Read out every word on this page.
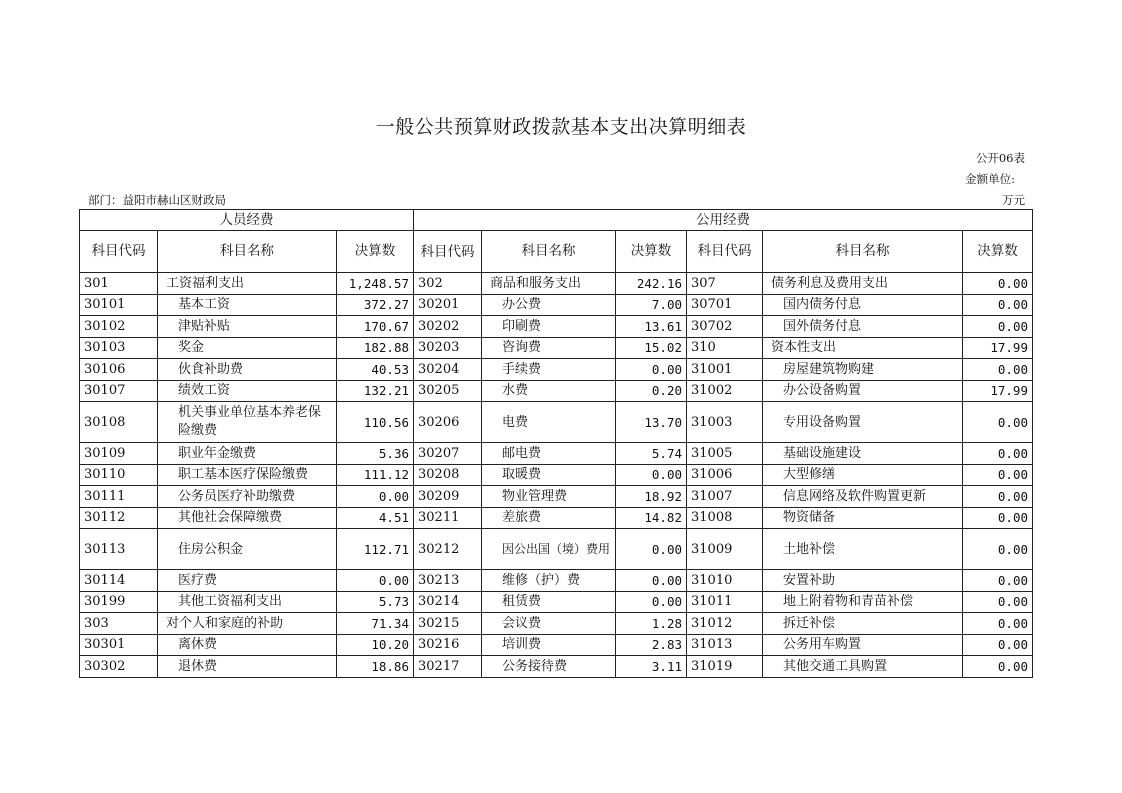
一般公共预算财政拨款基本支出决算明细表
公开06表
金额单位:
万元
部门：益阳市赫山区财政局
人员经费			公用经费					
科目代码	科目名称	决算数	科目代码	科目名称	决算数	科目代码	科目名称	决算数
301	工资福利支出	1,248.57	302	商品和服务支出	242.16	307	债务利息及费用支出	0.00
30101	基本工资	372.27	30201	办公费	7.00	30701	国内债务付息	0.00
30102	津贴补贴	170.67	30202	印刷费	13.61	30702	国外债务付息	0.00
30103	奖金	182.88	30203	咨询费	15.02	310	资本性支出	17.99
30106	伙食补助费	40.53	30204	手续费	0.00	31001	房屋建筑物购建	0.00
30107	绩效工资	132.21	30205	水费	0.20	31002	办公设备购置	17.99
30108	机关事业单位基本养老保险缴费	110.56	30206	电费	13.70	31003	专用设备购置	0.00
30109	职业年金缴费	5.36	30207	邮电费	5.74	31005	基础设施建设	0.00
30110	职工基本医疗保险缴费	111.12	30208	取暖费	0.00	31006	大型修缮	0.00
30111	公务员医疗补助缴费	0.00	30209	物业管理费	18.92	31007	信息网络及软件购置更新	0.00
30112	其他社会保障缴费	4.51	30211	差旅费	14.82	31008	物资储备	0.00
30113	住房公积金	112.71	30212	因公出国（境）费用	0.00	31009	土地补偿	0.00
30114	医疗费	0.00	30213	维修（护）费	0.00	31010	安置补助	0.00
30199	其他工资福利支出	5.73	30214	租赁费	0.00	31011	地上附着物和青苗补偿	0.00
303	对个人和家庭的补助	71.34	30215	会议费	1.28	31012	拆迁补偿	0.00
30301	离休费	10.20	30216	培训费	2.83	31013	公务用车购置	0.00
30302	退休费	18.86	30217	公务接待费	3.11	31019	其他交通工具购置	0.00
